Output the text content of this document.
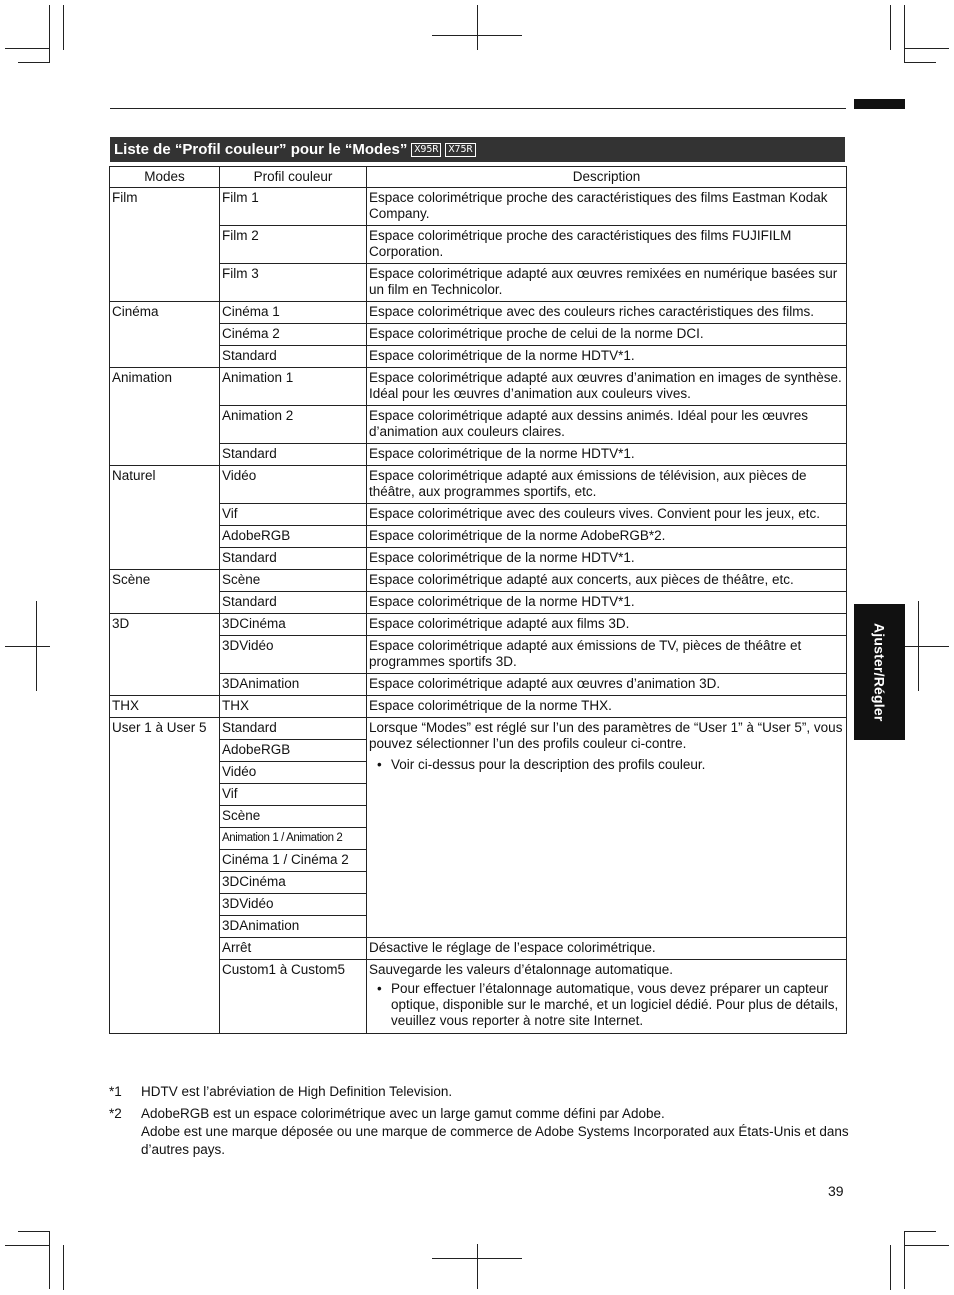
Ajuster/Régler
Liste de “Profil couleur” pour le “Modes” X95R	X75R
Modes	Profil couleur	Description
Film	Film 1	Espace colorimétrique proche des caractéristiques des films Eastman Kodak Company.
	Film 2	Espace colorimétrique proche des caractéristiques des films FUJIFILM Corporation.
	Film 3	Espace colorimétrique adapté aux œuvres remixées en numérique basées sur un film en Technicolor.
Cinéma	Cinéma 1	Espace colorimétrique avec des couleurs riches caractéristiques des films.
	Cinéma 2	Espace colorimétrique proche de celui de la norme DCI.
	Standard	Espace colorimétrique de la norme HDTV*1.
Animation	Animation 1	Espace colorimétrique adapté aux œuvres d’animation en images de synthèse. Idéal pour les œuvres d’animation aux couleurs vives.
	Animation 2	Espace colorimétrique adapté aux dessins animés. Idéal pour les œuvres d’animation aux couleurs claires.
	Standard	Espace colorimétrique de la norme HDTV*1.
Naturel	Vidéo	Espace colorimétrique adapté aux émissions de télévision, aux pièces de théâtre, aux programmes sportifs, etc.
	Vif	Espace colorimétrique avec des couleurs vives. Convient pour les jeux, etc.
	AdobeRGB	Espace colorimétrique de la norme AdobeRGB*2.
	Standard	Espace colorimétrique de la norme HDTV*1.
Scène	Scène	Espace colorimétrique adapté aux concerts, aux pièces de théâtre, etc.
	Standard	Espace colorimétrique de la norme HDTV*1.
3D	3DCinéma	Espace colorimétrique adapté aux films 3D.
	3DVidéo	Espace colorimétrique adapté aux émissions de TV, pièces de théâtre et programmes sportifs 3D.
	3DAnimation	Espace colorimétrique adapté aux œuvres d’animation 3D.
THX	THX	Espace colorimétrique de la norme THX.
User 1 à User 5	Standard	Lorsque “Modes” est réglé sur l’un des paramètres de “User 1” à “User 5”, vous pouvez sélectionner l’un des profils couleur ci-contre.
• Voir ci-dessus pour la description des profils couleur.

	AdobeRGB	
	Vidéo	
	Vif	
	Scène	
	Animation 1 / Animation 2	
	Cinéma 1 / Cinéma 2	
	3DCinéma	
	3DVidéo	
	3DAnimation	
	Arrêt	Désactive le réglage de l’espace colorimétrique.
	Custom1 à Custom5	Sauvegarde les valeurs d’étalonnage automatique.
• Pour effectuer l’étalonnage automatique, vous devez préparer un capteur optique, disponible sur le marché, et un logiciel dédié. Pour plus de détails, veuillez vous reporter à notre site Internet.
*1	HDTV est l’abréviation de High Definition Television.
*2	AdobeRGB est un espace colorimétrique avec un large gamut comme défini par Adobe.
Adobe est une marque déposée ou une marque de commerce de Adobe Systems Incorporated aux États-Unis et dans d’autres pays.
39
